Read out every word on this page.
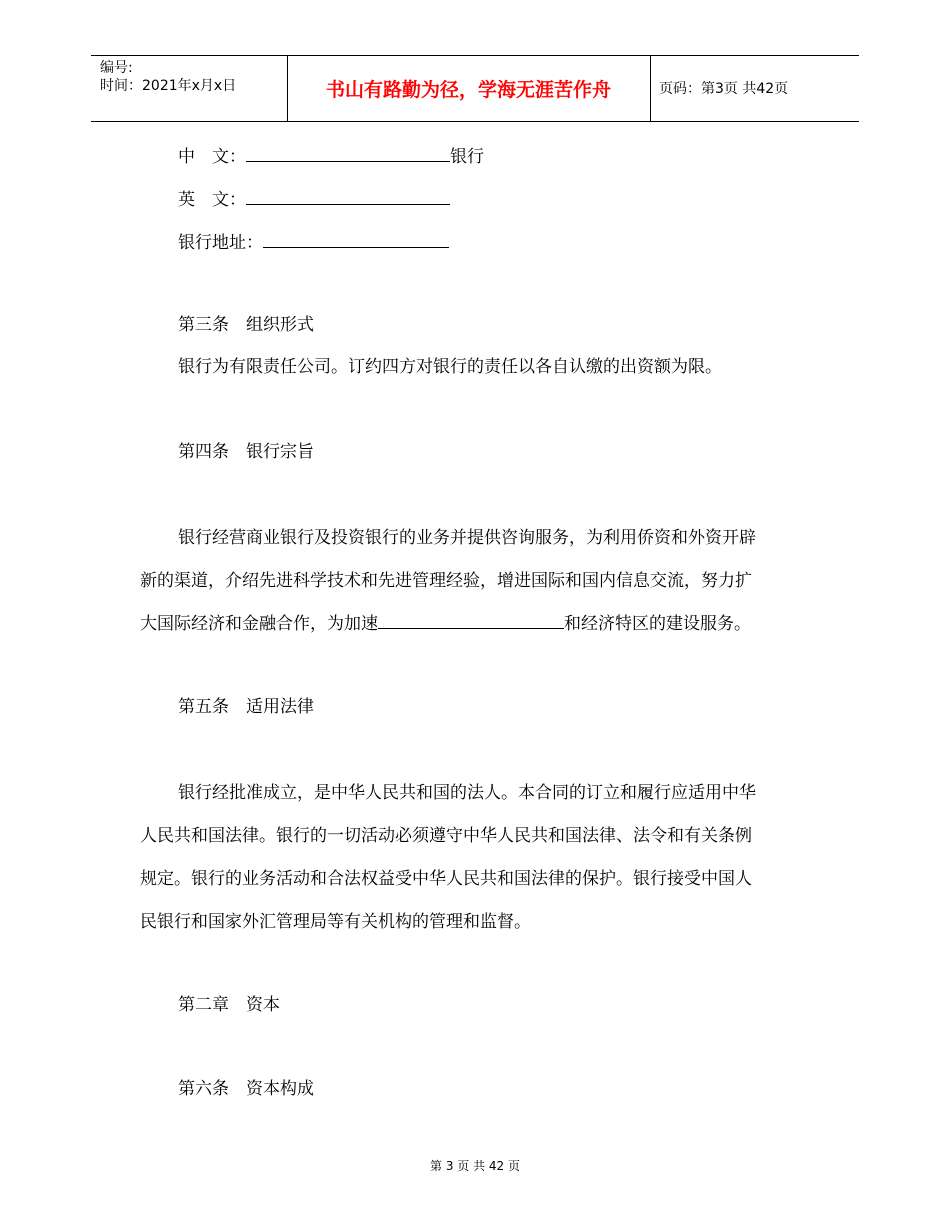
编号:
时间：2021年x月x日	书山有路勤为径，学海无涯苦作舟	页码：第3页 共42页
中　文：	银行
英　文：
银行地址：
第三条　组织形式
银行为有限责任公司。订约四方对银行的责任以各自认缴的出资额为限。
第四条　银行宗旨
银行经营商业银行及投资银行的业务并提供咨询服务，为利用侨资和外资开辟
新的渠道，介绍先进科学技术和先进管理经验，增进国际和国内信息交流，努力扩
大国际经济和金融合作，为加速	和经济特区的建设服务。
第五条　适用法律
银行经批准成立，是中华人民共和国的法人。本合同的订立和履行应适用中华
人民共和国法律。银行的一切活动必须遵守中华人民共和国法律、法令和有关条例
规定。银行的业务活动和合法权益受中华人民共和国法律的保护。银行接受中国人
民银行和国家外汇管理局等有关机构的管理和监督。
第二章　资本
第六条　资本构成
第 3 页 共 42 页
